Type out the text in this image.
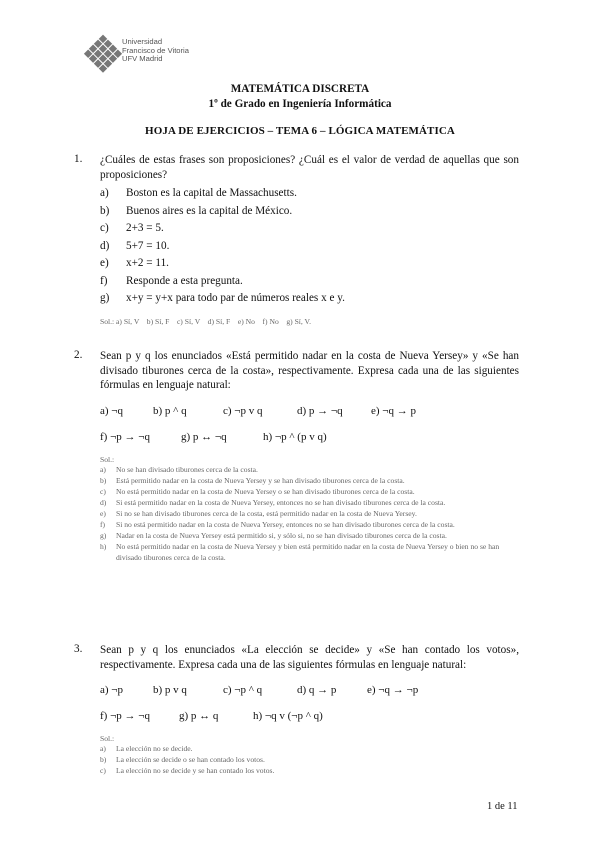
Universidad
Francisco de Vitoria
UFV Madrid
MATEMÁTICA DISCRETA
1º de Grado en Ingeniería Informática
HOJA DE EJERCICIOS – TEMA 6 – LÓGICA MATEMÁTICA
1.	¿Cuáles de estas frases son proposiciones? ¿Cuál es el valor de verdad de aquellas que son proposiciones?
a)	Boston es la capital de Massachusetts.
b)	Buenos aires es la capital de México.
c)	2+3 = 5.
d)	5+7 = 10.
e)	x+2 = 11.
f)	Responde a esta pregunta.
g)	x+y = y+x para todo par de números reales x e y.
Sol.: a) Sí, V    b) Sí, F    c) Sí, V    d) Sí, F    e) No    f) No    g) Sí, V.
2.	Sean p y q los enunciados «Está permitido nadar en la costa de Nueva Yersey» y «Se han divisado tiburones cerca de la costa», respectivamente. Expresa cada una de las siguientes fórmulas en lenguaje natural:
a) ¬q	b) p ^ q	c) ¬p v q	d) p → ¬q	e) ¬q → p
f) ¬p → ¬q	g) p ↔ ¬q	h) ¬p ^ (p v q)
Sol.:
a)	No se han divisado tiburones cerca de la costa.
b)	Está permitido nadar en la costa de Nueva Yersey y se han divisado tiburones cerca de la costa.
c)	No está permitido nadar en la costa de Nueva Yersey o se han divisado tiburones cerca de la costa.
d)	Si está permitido nadar en la costa de Nueva Yersey, entonces no se han divisado tiburones cerca de la costa.
e)	Si no se han divisado tiburones cerca de la costa, está permitido nadar en la costa de Nueva Yersey.
f)	Si no está permitido nadar en la costa de Nueva Yersey, entonces no se han divisado tiburones cerca de la costa.
g)	Nadar en la costa de Nueva Yersey está permitido si, y sólo si, no se han divisado tiburones cerca de la costa.
h)	No está permitido nadar en la costa de Nueva Yersey y bien está permitido nadar en la costa de Nueva Yersey o bien no se han divisado tiburones cerca de la costa.
3.	Sean p y q los enunciados «La elección se decide» y «Se han contado los votos», respectivamente. Expresa cada una de las siguientes fórmulas en lenguaje natural:
a) ¬p	b) p v q	c) ¬p ^ q	d) q → p	e) ¬q → ¬p
f) ¬p → ¬q	g) p ↔ q	h) ¬q v (¬p ^ q)
Sol.:
a)	La elección no se decide.
b)	La elección se decide o se han contado los votos.
c)	La elección no se decide y se han contado los votos.
1 de 11
